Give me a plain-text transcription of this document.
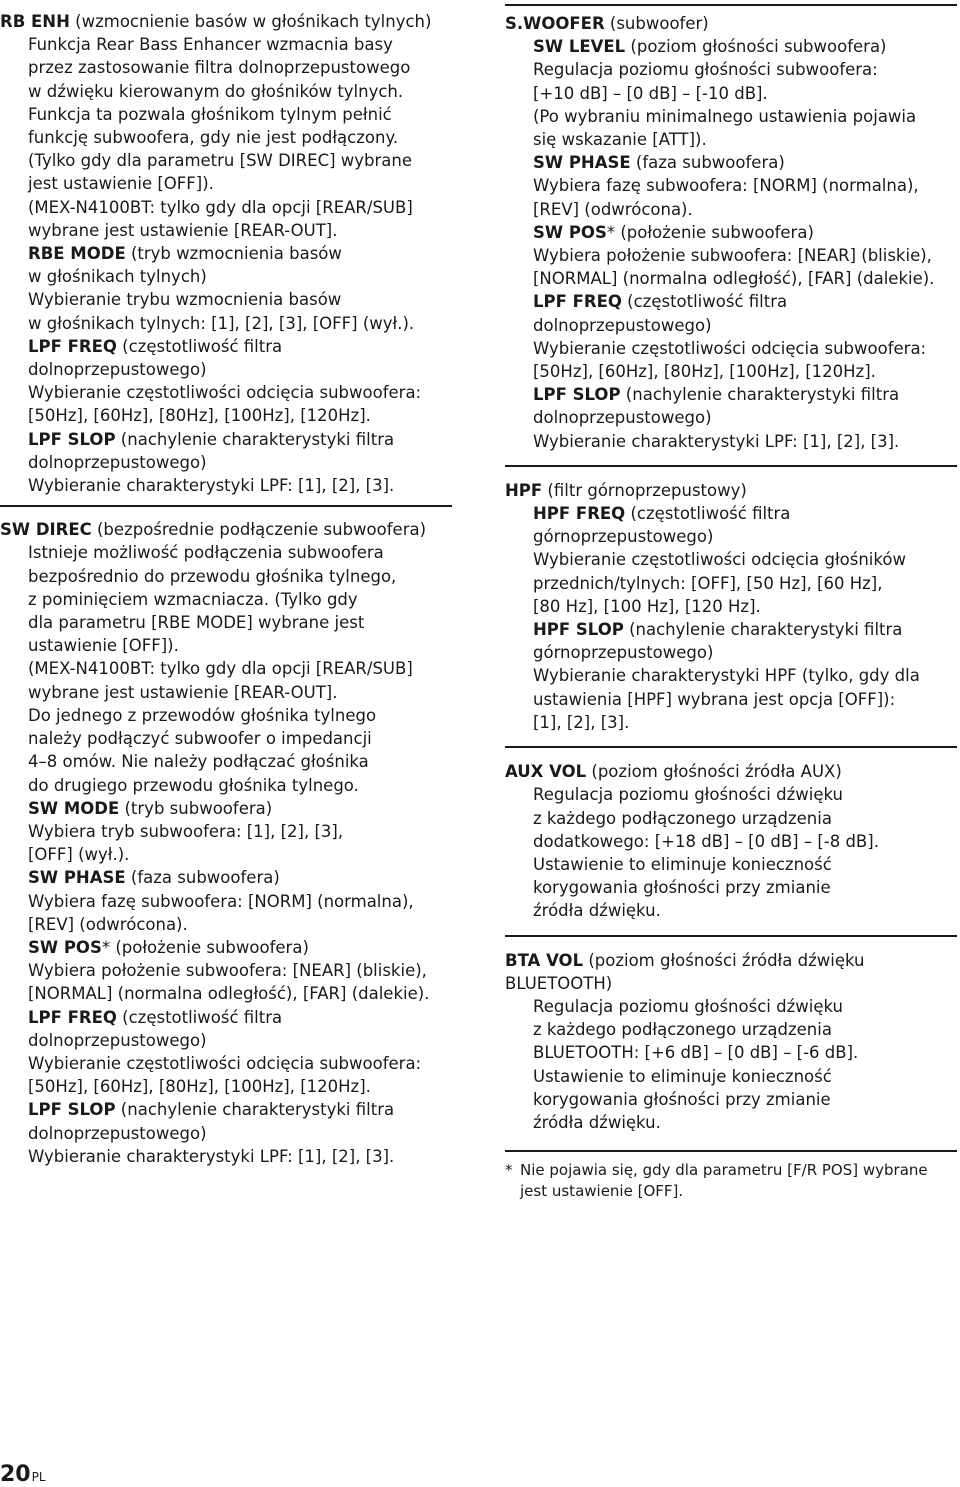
RB ENH (wzmocnienie basów w głośnikach tylnych)
Funkcja Rear Bass Enhancer wzmacnia basy
przez zastosowanie filtra dolnoprzepustowego
w dźwięku kierowanym do głośników tylnych.
Funkcja ta pozwala głośnikom tylnym pełnić
funkcję subwoofera, gdy nie jest podłączony.
(Tylko gdy dla parametru [SW DIREC] wybrane
jest ustawienie [OFF]).
(MEX-N4100BT: tylko gdy dla opcji [REAR/SUB]
wybrane jest ustawienie [REAR-OUT].
RBE MODE (tryb wzmocnienia basów
w głośnikach tylnych)
Wybieranie trybu wzmocnienia basów
w głośnikach tylnych: [1], [2], [3], [OFF] (wył.).
LPF FREQ (częstotliwość filtra
dolnoprzepustowego)
Wybieranie częstotliwości odcięcia subwoofera:
[50Hz], [60Hz], [80Hz], [100Hz], [120Hz].
LPF SLOP (nachylenie charakterystyki filtra
dolnoprzepustowego)
Wybieranie charakterystyki LPF: [1], [2], [3].
SW DIREC (bezpośrednie podłączenie subwoofera)
Istnieje możliwość podłączenia subwoofera
bezpośrednio do przewodu głośnika tylnego,
z pominięciem wzmacniacza. (Tylko gdy
dla parametru [RBE MODE] wybrane jest
ustawienie [OFF]).
(MEX-N4100BT: tylko gdy dla opcji [REAR/SUB]
wybrane jest ustawienie [REAR-OUT].
Do jednego z przewodów głośnika tylnego
należy podłączyć subwoofer o impedancji
4–8 omów. Nie należy podłączać głośnika
do drugiego przewodu głośnika tylnego.
SW MODE (tryb subwoofera)
Wybiera tryb subwoofera: [1], [2], [3],
[OFF] (wył.).
SW PHASE (faza subwoofera)
Wybiera fazę subwoofera: [NORM] (normalna),
[REV] (odwrócona).
SW POS* (położenie subwoofera)
Wybiera położenie subwoofera: [NEAR] (bliskie),
[NORMAL] (normalna odległość), [FAR] (dalekie).
LPF FREQ (częstotliwość filtra
dolnoprzepustowego)
Wybieranie częstotliwości odcięcia subwoofera:
[50Hz], [60Hz], [80Hz], [100Hz], [120Hz].
LPF SLOP (nachylenie charakterystyki filtra
dolnoprzepustowego)
Wybieranie charakterystyki LPF: [1], [2], [3].
S.WOOFER (subwoofer)
SW LEVEL (poziom głośności subwoofera)
Regulacja poziomu głośności subwoofera:
[+10 dB] – [0 dB] – [-10 dB].
(Po wybraniu minimalnego ustawienia pojawia
się wskazanie [ATT]).
SW PHASE (faza subwoofera)
Wybiera fazę subwoofera: [NORM] (normalna),
[REV] (odwrócona).
SW POS* (położenie subwoofera)
Wybiera położenie subwoofera: [NEAR] (bliskie),
[NORMAL] (normalna odległość), [FAR] (dalekie).
LPF FREQ (częstotliwość filtra
dolnoprzepustowego)
Wybieranie częstotliwości odcięcia subwoofera:
[50Hz], [60Hz], [80Hz], [100Hz], [120Hz].
LPF SLOP (nachylenie charakterystyki filtra
dolnoprzepustowego)
Wybieranie charakterystyki LPF: [1], [2], [3].
HPF (filtr górnoprzepustowy)
HPF FREQ (częstotliwość filtra
górnoprzepustowego)
Wybieranie częstotliwości odcięcia głośników
przednich/tylnych: [OFF], [50 Hz], [60 Hz],
[80 Hz], [100 Hz], [120 Hz].
HPF SLOP (nachylenie charakterystyki filtra
górnoprzepustowego)
Wybieranie charakterystyki HPF (tylko, gdy dla
ustawienia [HPF] wybrana jest opcja [OFF]):
[1], [2], [3].
AUX VOL (poziom głośności źródła AUX)
Regulacja poziomu głośności dźwięku
z każdego podłączonego urządzenia
dodatkowego: [+18 dB] – [0 dB] – [-8 dB].
Ustawienie to eliminuje konieczność
korygowania głośności przy zmianie
źródła dźwięku.
BTA VOL (poziom głośności źródła dźwięku
BLUETOOTH)
Regulacja poziomu głośności dźwięku
z każdego podłączonego urządzenia
BLUETOOTH: [+6 dB] – [0 dB] – [-6 dB].
Ustawienie to eliminuje konieczność
korygowania głośności przy zmianie
źródła dźwięku.
* Nie pojawia się, gdy dla parametru [F/R POS] wybrane
jest ustawienie [OFF].
20PL
